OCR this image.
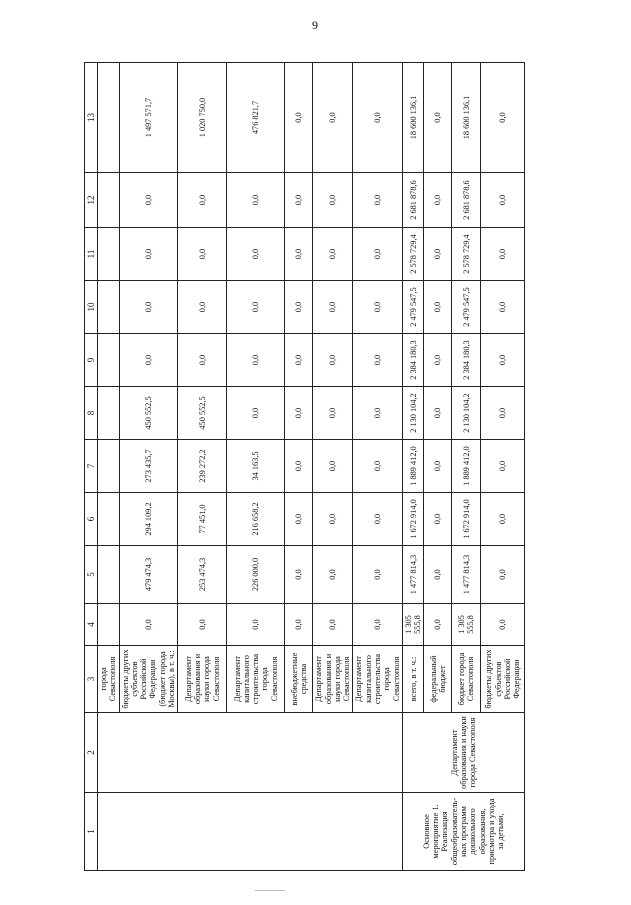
9
1	2	3	4	5	6	7	8	9	10	11	12	13
		города Севастополя										
		бюджеты других субъектов Российской Федерации (бюджет города Москвы), в т. ч.:	0,0	479 474,3	294 109,2	273 435,7	450 552,5	0,0	0,0	0,0	0,0	1 497 571,7
		Департамент образования и науки города Севастополя	0,0	253 474,3	77 451,0	239 272,2	450 552,5	0,0	0,0	0,0	0,0	1 020 750,0
		Департамент капитального строительства города Севастополя	0,0	226 000,0	216 658,2	34 163,5	0,0	0,0	0,0	0,0	0,0	476 821,7
		внебюджетные средства	0,0	0,0	0,0	0,0	0,0	0,0	0,0	0,0	0,0	0,0
		Департамент образования и науки города Севастополя	0,0	0,0	0,0	0,0	0,0	0,0	0,0	0,0	0,0	0,0
		Департамент капитального строительства города Севастополя	0,0	0,0	0,0	0,0	0,0	0,0	0,0	0,0	0,0	0,0
Основное мероприятие 1. Реализация общеобразователь-ных программ дошкольного образования, присмотра и ухода за детьми,	Департамент образования и науки города Севастополя	всего, в т. ч.:	1 305 555,8	1 477 814,3	1 672 914,0	1 889 412,0	2 130 104,2	2 384 180,3	2 479 547,5	2 578 729,4	2 681 878,6	18 600 136,1
		федеральный бюджет	0,0	0,0	0,0	0,0	0,0	0,0	0,0	0,0	0,0	0,0
		бюджет города Севастополя	1 305 555,8	1 477 814,3	1 672 914,0	1 889 412,0	2 130 104,2	2 384 180,3	2 479 547,5	2 578 729,4	2 681 878,6	18 600 136,1
		бюджеты других субъектов Российской Федерации	0,0	0,0	0,0	0,0	0,0	0,0	0,0	0,0	0,0	0,0
